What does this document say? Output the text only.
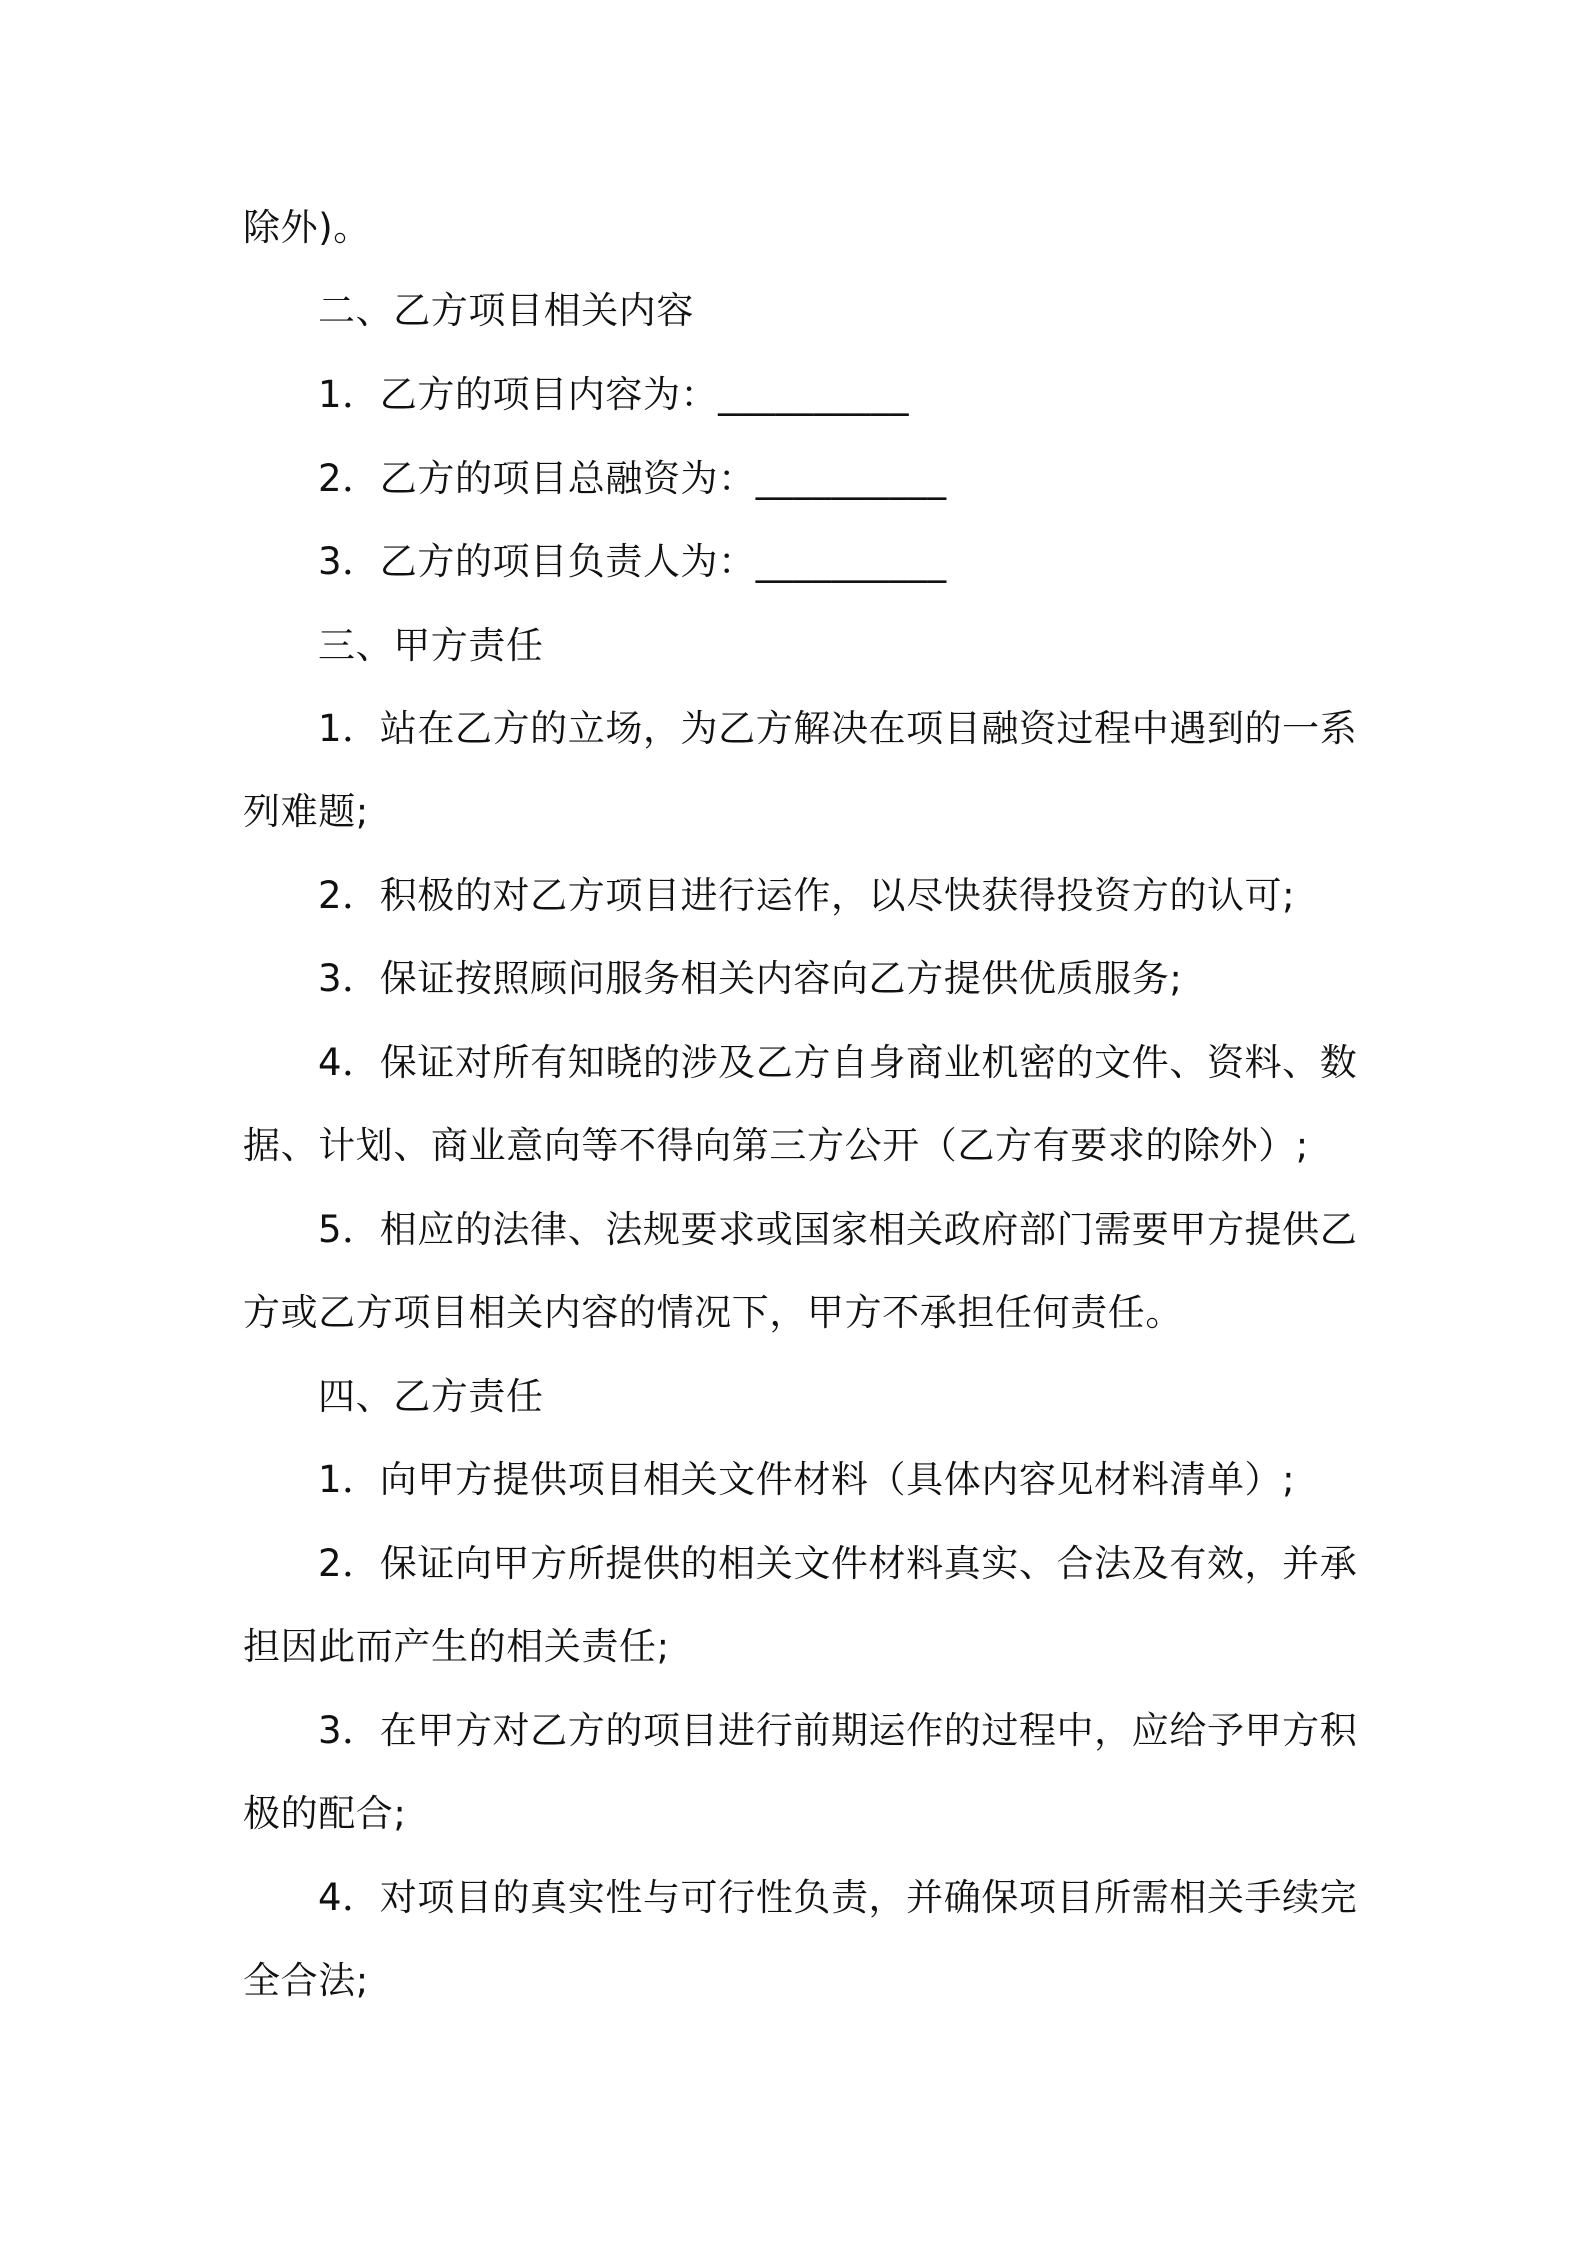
除外)。
二、乙方项目相关内容
1．乙方的项目内容为：__________
2．乙方的项目总融资为：__________
3．乙方的项目负责人为：__________
三、甲方责任
1．站在乙方的立场，为乙方解决在项目融资过程中遇到的一系
列难题;
2．积极的对乙方项目进行运作，以尽快获得投资方的认可;
3．保证按照顾问服务相关内容向乙方提供优质服务;
4．保证对所有知晓的涉及乙方自身商业机密的文件、资料、数
据、计划、商业意向等不得向第三方公开（乙方有要求的除外）;
5．相应的法律、法规要求或国家相关政府部门需要甲方提供乙
方或乙方项目相关内容的情况下，甲方不承担任何责任。
四、乙方责任
1．向甲方提供项目相关文件材料（具体内容见材料清单）;
2．保证向甲方所提供的相关文件材料真实、合法及有效，并承
担因此而产生的相关责任;
3．在甲方对乙方的项目进行前期运作的过程中，应给予甲方积
极的配合;
4．对项目的真实性与可行性负责，并确保项目所需相关手续完
全合法;
